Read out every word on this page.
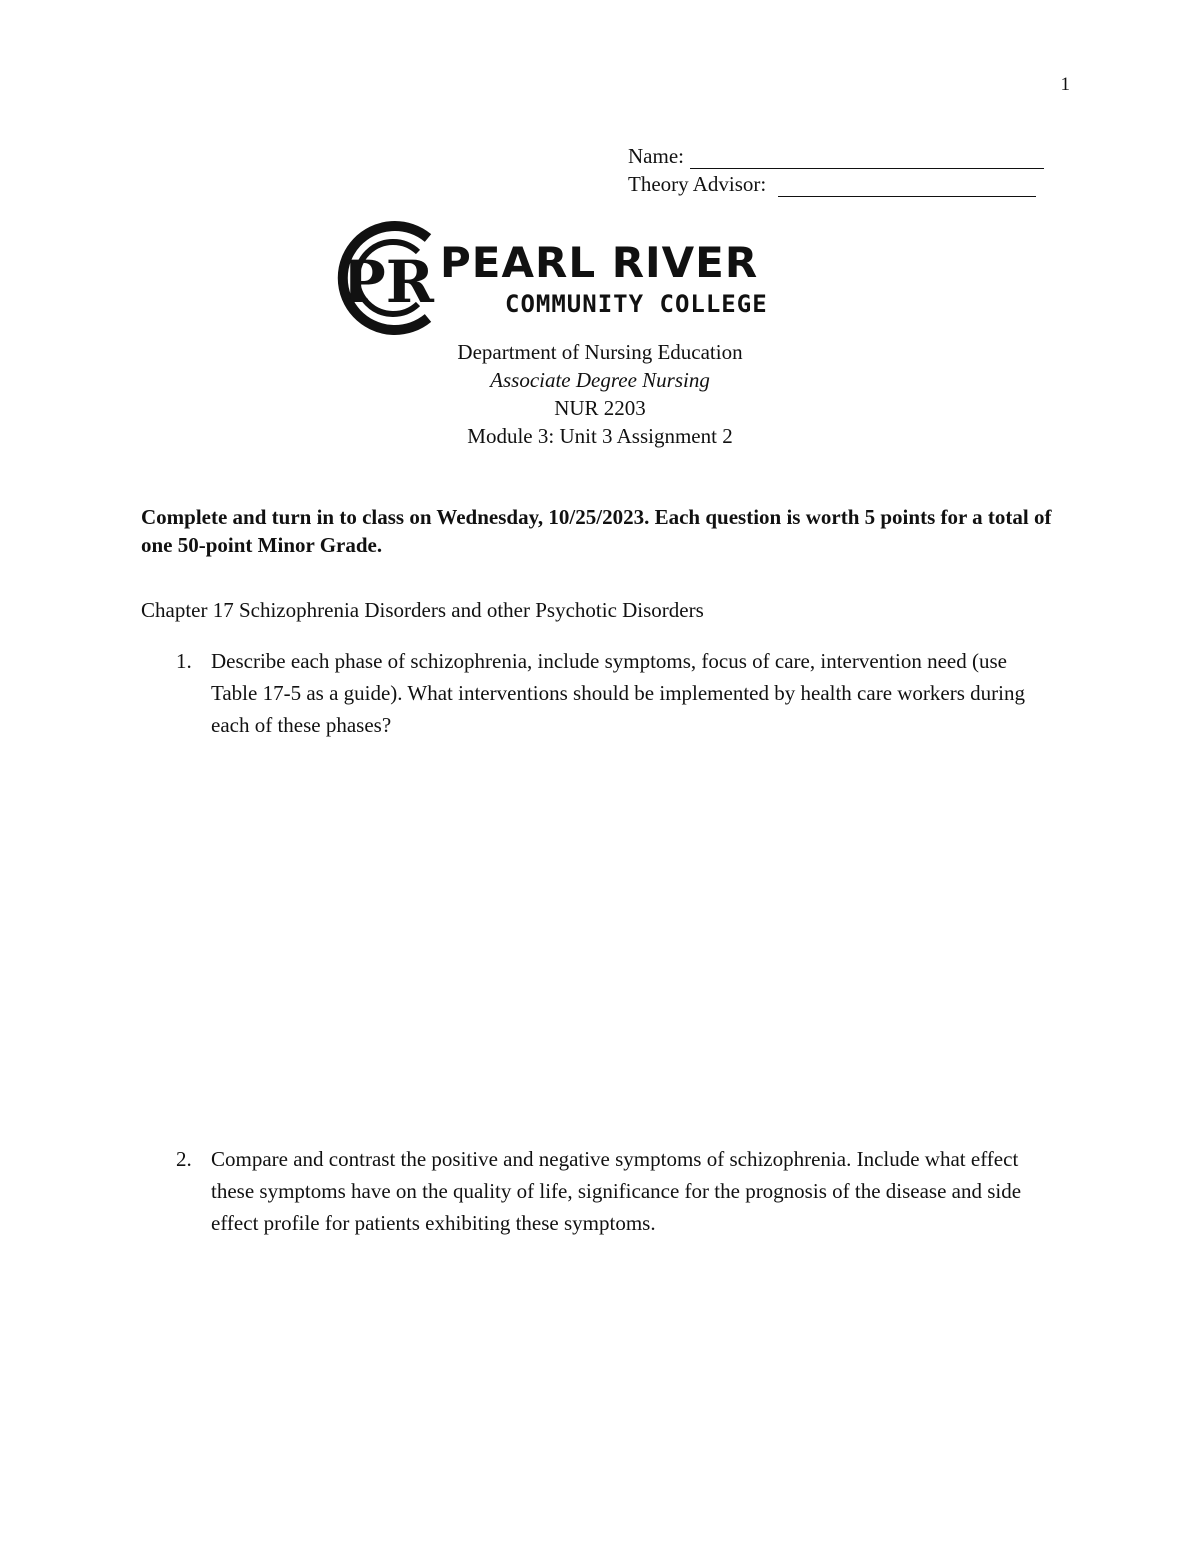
1
Name:
Theory Advisor:
PR PEARL RIVER
COMMUNITY COLLEGE
Department of Nursing Education
Associate Degree Nursing
NUR 2203
Module 3: Unit 3 Assignment 2
Complete and turn in to class on Wednesday, 10/25/2023. Each question is worth 5 points for a total of one 50-point Minor Grade.
Chapter 17 Schizophrenia Disorders and other Psychotic Disorders
1. Describe each phase of schizophrenia, include symptoms, focus of care, intervention need (use Table 17-5 as a guide). What interventions should be implemented by health care workers during each of these phases?
2. Compare and contrast the positive and negative symptoms of schizophrenia. Include what effect these symptoms have on the quality of life, significance for the prognosis of the disease and side effect profile for patients exhibiting these symptoms.
